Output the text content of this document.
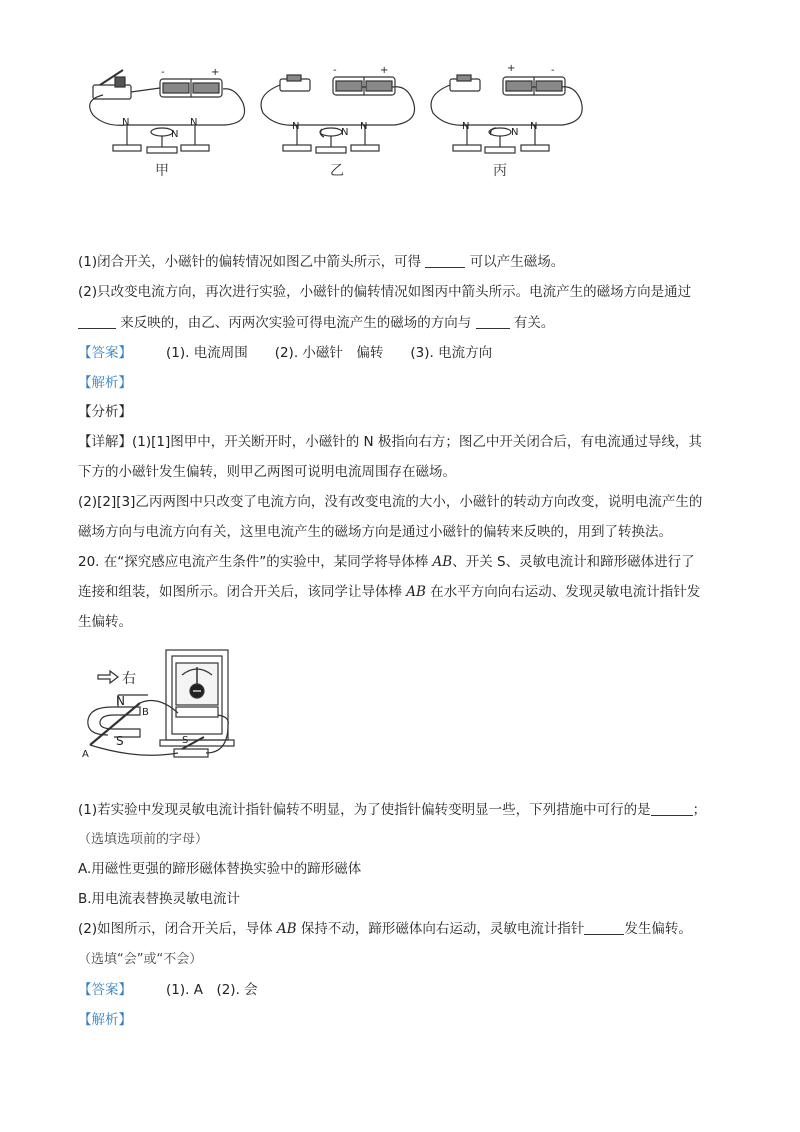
-	+
N
N
N
-	+
N
N
N
+	-
N
N
N
甲	乙	丙
(1)闭合开关，小磁针的偏转情况如图乙中箭头所示，可得	可以产生磁场。
(2)只改变电流方向，再次进行实验，小磁针的偏转情况如图丙中箭头所示。电流产生的磁场方向是通过
来反映的，由乙、丙两次实验可得电流产生的磁场的方向与	有关。
【答案】	(1). 电流周围　　(2). 小磁针　偏转　　(3). 电流方向
【解析】
【分析】
【详解】(1)[1]图甲中，开关断开时，小磁针的 N 极指向右方；图乙中开关闭合后，有电流通过导线，其
下方的小磁针发生偏转，则甲乙两图可说明电流周围存在磁场。
(2)[2][3]乙丙两图中只改变了电流方向，没有改变电流的大小，小磁针的转动方向改变，说明电流产生的
磁场方向与电流方向有关，这里电流产生的磁场方向是通过小磁针的偏转来反映的，用到了转换法。
20. 在“探究感应电流产生条件”的实验中，某同学将导体棒 AB、开关 S、灵敏电流计和蹄形磁体进行了
连接和组装，如图所示。闭合开关后，该同学让导体棒 AB 在水平方向向右运动、发现灵敏电流计指针发
生偏转。
右
N
S
B
A
S
(1)若实验中发现灵敏电流计指针偏转不明显，为了使指针偏转变明显一些，下列措施中可行的是	；
（选填选项前的字母）
A.用磁性更强的蹄形磁体替换实验中的蹄形磁体
B.用电流表替换灵敏电流计
(2)如图所示，闭合开关后，导体 AB 保持不动，蹄形磁体向右运动，灵敏电流计指针	发生偏转。
（选填“会”或“不会）
【答案】	(1). A　(2). 会
【解析】
